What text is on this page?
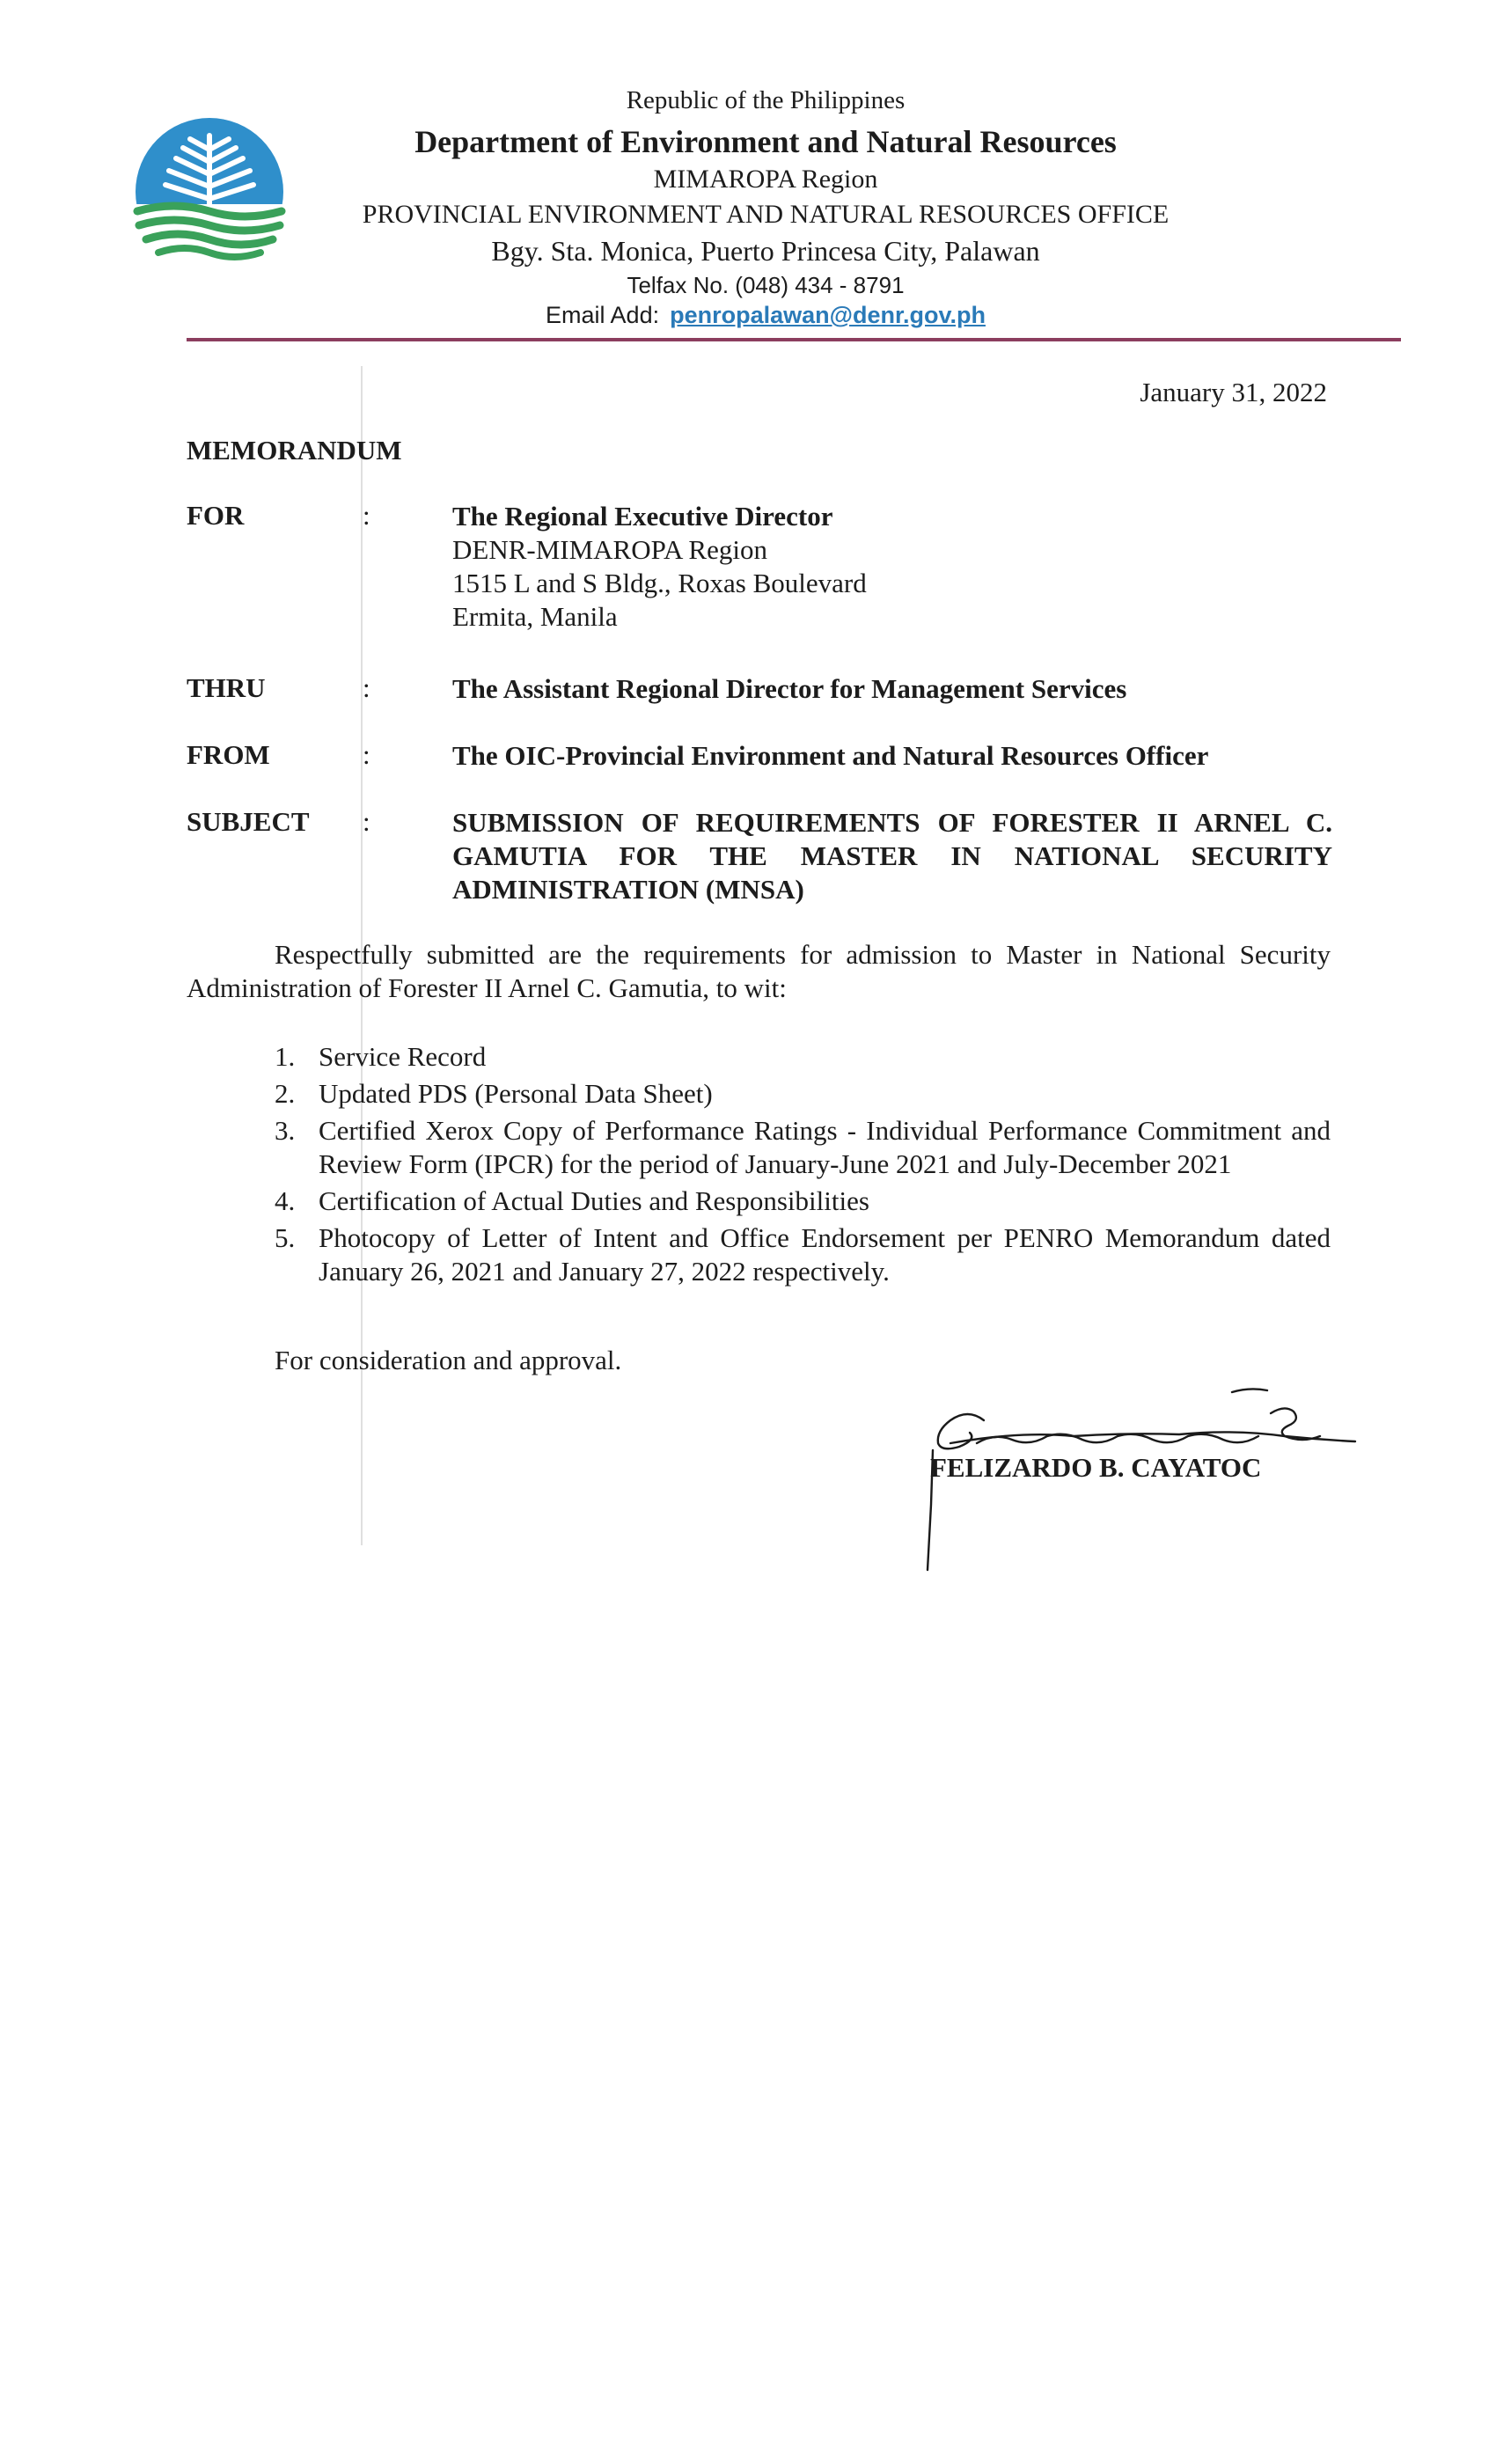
Republic of the Philippines
Department of Environment and Natural Resources
MIMAROPA Region
PROVINCIAL ENVIRONMENT AND NATURAL RESOURCES OFFICE
Bgy. Sta. Monica, Puerto Princesa City, Palawan
Telfax No. (048) 434 - 8791
Email Add: penropalawan@denr.gov.ph
January 31, 2022
MEMORANDUM
FOR	:	The Regional Executive Director
DENR-MIMAROPA Region
1515 L and S Bldg., Roxas Boulevard
Ermita, Manila
THRU	:	The Assistant Regional Director for Management Services
FROM	:	The OIC-Provincial Environment and Natural Resources Officer
SUBJECT :	SUBMISSION OF REQUIREMENTS OF FORESTER II ARNEL C. GAMUTIA FOR THE MASTER IN NATIONAL SECURITY ADMINISTRATION (MNSA)
Respectfully submitted are the requirements for admission to Master in National Security Administration of Forester II Arnel C. Gamutia, to wit:
1. Service Record
2. Updated PDS (Personal Data Sheet)
3. Certified Xerox Copy of Performance Ratings - Individual Performance Commitment and Review Form (IPCR) for the period of January-June 2021 and July-December 2021
4. Certification of Actual Duties and Responsibilities
5. Photocopy of Letter of Intent and Office Endorsement per PENRO Memorandum dated January 26, 2021 and January 27, 2022 respectively.
For consideration and approval.
FELIZARDO B. CAYATOC
